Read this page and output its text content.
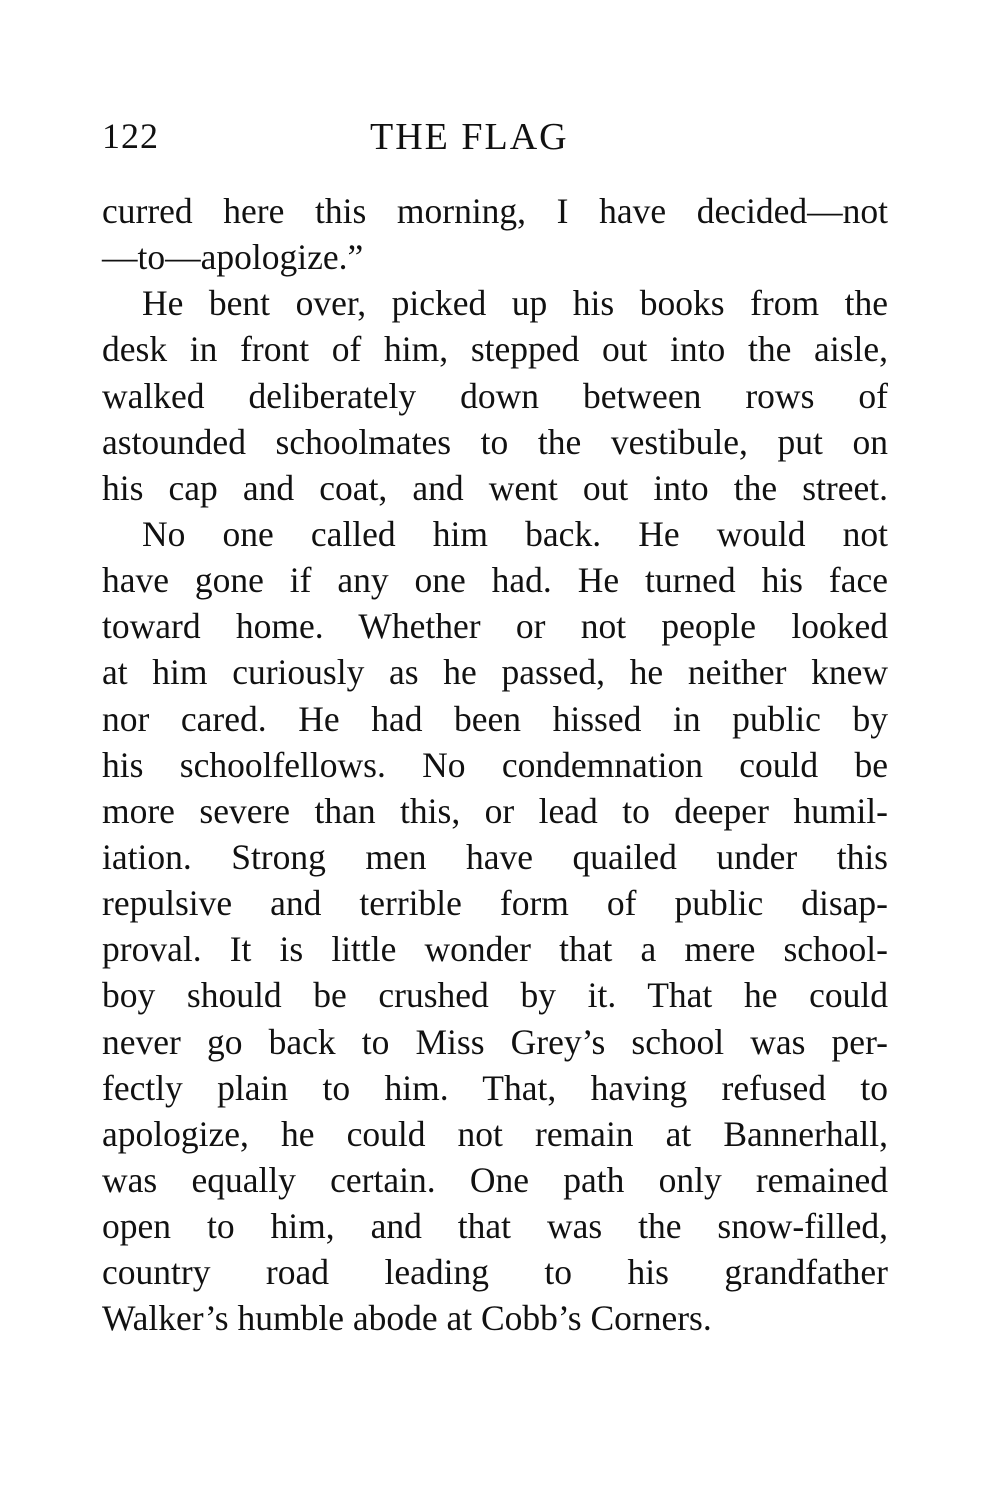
122	THE FLAG
curred here this morning, I have decided—not
—to—apologize.”
He bent over, picked up his books from the
desk in front of him, stepped out into the aisle,
walked deliberately down between rows of
astounded schoolmates to the vestibule, put on
his cap and coat, and went out into the street.
No one called him back. He would not
have gone if any one had. He turned his face
toward home. Whether or not people looked
at him curiously as he passed, he neither knew
nor cared. He had been hissed in public by
his schoolfellows. No condemnation could be
more severe than this, or lead to deeper humil-
iation. Strong men have quailed under this
repulsive and terrible form of public disap-
proval. It is little wonder that a mere school-
boy should be crushed by it. That he could
never go back to Miss Grey’s school was per-
fectly plain to him. That, having refused to
apologize, he could not remain at Bannerhall,
was equally certain. One path only remained
open to him, and that was the snow-filled,
country road leading to his grandfather
Walker’s humble abode at Cobb’s Corners.
